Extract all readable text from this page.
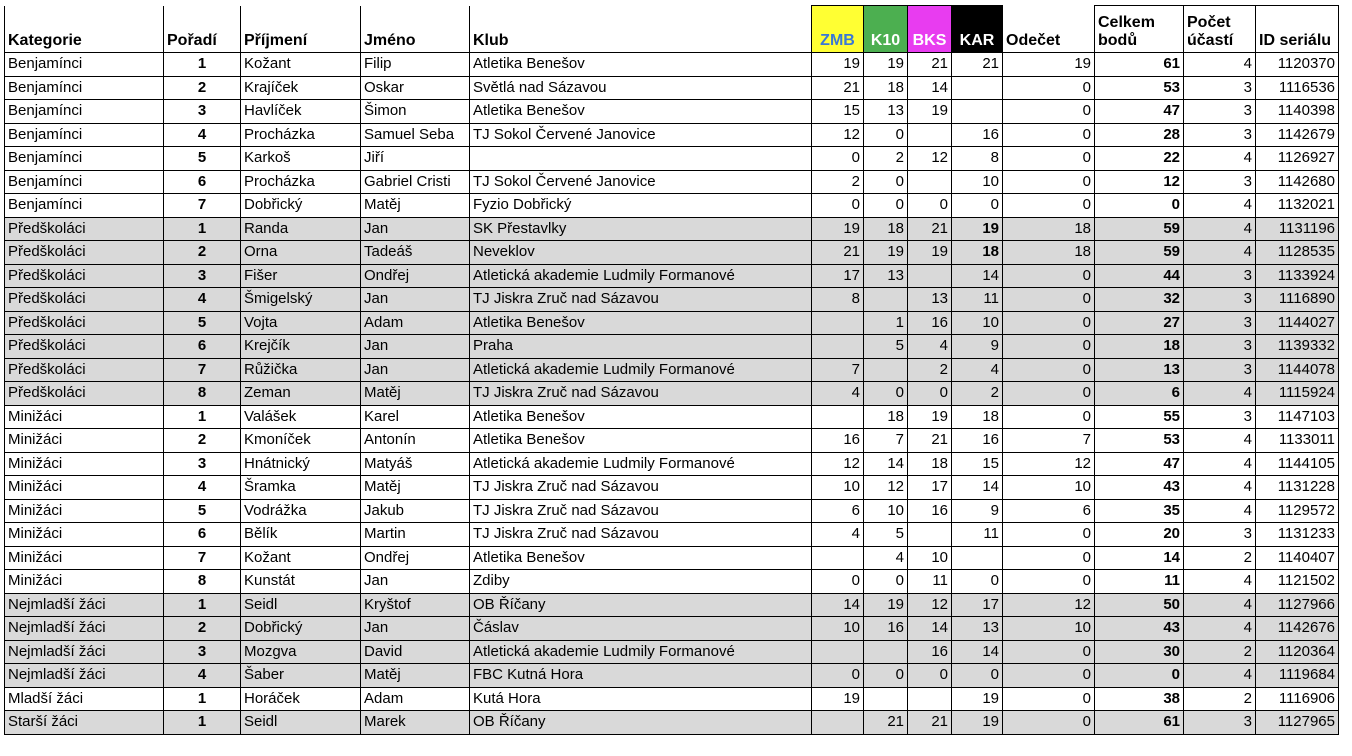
Kategorie	Pořadí	Příjmení	Jméno	Klub	ZMB	K10	BKS	KAR	Odečet	Celkem bodů	Počet účastí	ID seriálu
Benjamínci	1	Kožant	Filip	Atletika Benešov	19	19	21	21	19	61	4	1120370
Benjamínci	2	Krajíček	Oskar	Světlá nad Sázavou	21	18	14		0	53	3	1116536
Benjamínci	3	Havlíček	Šimon	Atletika Benešov	15	13	19		0	47	3	1140398
Benjamínci	4	Procházka	Samuel Seba	TJ Sokol Červené Janovice	12	0		16	0	28	3	1142679
Benjamínci	5	Karkoš	Jiří		0	2	12	8	0	22	4	1126927
Benjamínci	6	Procházka	Gabriel Cristi	TJ Sokol Červené Janovice	2	0		10	0	12	3	1142680
Benjamínci	7	Dobřický	Matěj	Fyzio Dobřický	0	0	0	0	0	0	4	1132021
Předškoláci	1	Randa	Jan	SK Přestavlky	19	18	21	19	18	59	4	1131196
Předškoláci	2	Orna	Tadeáš	Neveklov	21	19	19	18	18	59	4	1128535
Předškoláci	3	Fišer	Ondřej	Atletická akademie Ludmily Formanové	17	13		14	0	44	3	1133924
Předškoláci	4	Šmigelský	Jan	TJ Jiskra Zruč nad Sázavou	8		13	11	0	32	3	1116890
Předškoláci	5	Vojta	Adam	Atletika Benešov		1	16	10	0	27	3	1144027
Předškoláci	6	Krejčík	Jan	Praha		5	4	9	0	18	3	1139332
Předškoláci	7	Růžička	Jan	Atletická akademie Ludmily Formanové	7		2	4	0	13	3	1144078
Předškoláci	8	Zeman	Matěj	TJ Jiskra Zruč nad Sázavou	4	0	0	2	0	6	4	1115924
Minižáci	1	Valášek	Karel	Atletika Benešov		18	19	18	0	55	3	1147103
Minižáci	2	Kmoníček	Antonín	Atletika Benešov	16	7	21	16	7	53	4	1133011
Minižáci	3	Hnátnický	Matyáš	Atletická akademie Ludmily Formanové	12	14	18	15	12	47	4	1144105
Minižáci	4	Šramka	Matěj	TJ Jiskra Zruč nad Sázavou	10	12	17	14	10	43	4	1131228
Minižáci	5	Vodrážka	Jakub	TJ Jiskra Zruč nad Sázavou	6	10	16	9	6	35	4	1129572
Minižáci	6	Bělík	Martin	TJ Jiskra Zruč nad Sázavou	4	5		11	0	20	3	1131233
Minižáci	7	Kožant	Ondřej	Atletika Benešov		4	10		0	14	2	1140407
Minižáci	8	Kunstát	Jan	Zdiby	0	0	11	0	0	11	4	1121502
Nejmladší žáci	1	Seidl	Kryštof	OB Říčany	14	19	12	17	12	50	4	1127966
Nejmladší žáci	2	Dobřický	Jan	Čáslav	10	16	14	13	10	43	4	1142676
Nejmladší žáci	3	Mozgva	David	Atletická akademie Ludmily Formanové			16	14	0	30	2	1120364
Nejmladší žáci	4	Šaber	Matěj	FBC Kutná Hora	0	0	0	0	0	0	4	1119684
Mladší žáci	1	Horáček	Adam	Kutá Hora	19			19	0	38	2	1116906
Starší žáci	1	Seidl	Marek	OB Říčany		21	21	19	0	61	3	1127965
